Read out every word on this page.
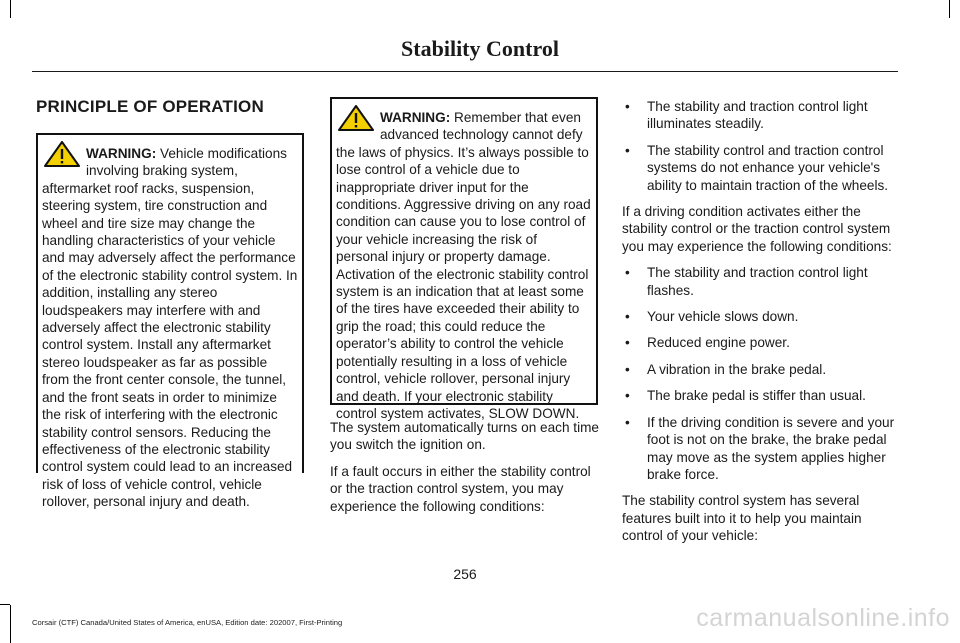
Stability Control
PRINCIPLE OF OPERATION
WARNING: Vehicle modifications involving braking system, aftermarket roof racks, suspension, steering system, tire construction and wheel and tire size may change the handling characteristics of your vehicle and may adversely affect the performance of the electronic stability control system. In addition, installing any stereo loudspeakers may interfere with and adversely affect the electronic stability control system. Install any aftermarket stereo loudspeaker as far as possible from the front center console, the tunnel, and the front seats in order to minimize the risk of interfering with the electronic stability control sensors. Reducing the effectiveness of the electronic stability control system could lead to an increased risk of loss of vehicle control, vehicle rollover, personal injury and death.
WARNING: Remember that even advanced technology cannot defy the laws of physics. It’s always possible to lose control of a vehicle due to inappropriate driver input for the conditions. Aggressive driving on any road condition can cause you to lose control of your vehicle increasing the risk of personal injury or property damage. Activation of the electronic stability control system is an indication that at least some of the tires have exceeded their ability to grip the road; this could reduce the operator’s ability to control the vehicle potentially resulting in a loss of vehicle control, vehicle rollover, personal injury and death. If your electronic stability control system activates, SLOW DOWN.

The system automatically turns on each time you switch the ignition on.

If a fault occurs in either the stability control or the traction control system, you may experience the following conditions:

• The stability and traction control light illuminates steadily.
• The stability control and traction control systems do not enhance your vehicle's ability to maintain traction of the wheels.

If a driving condition activates either the stability control or the traction control system you may experience the following conditions:

• The stability and traction control light flashes.
• Your vehicle slows down.
• Reduced engine power.
• A vibration in the brake pedal.
• The brake pedal is stiffer than usual.
• If the driving condition is severe and your foot is not on the brake, the brake pedal may move as the system applies higher brake force.

The stability control system has several features built into it to help you maintain control of your vehicle:

256
Corsair (CTF) Canada/United States of America, enUSA, Edition date: 202007, First-Printing	carmanualsonline.info
